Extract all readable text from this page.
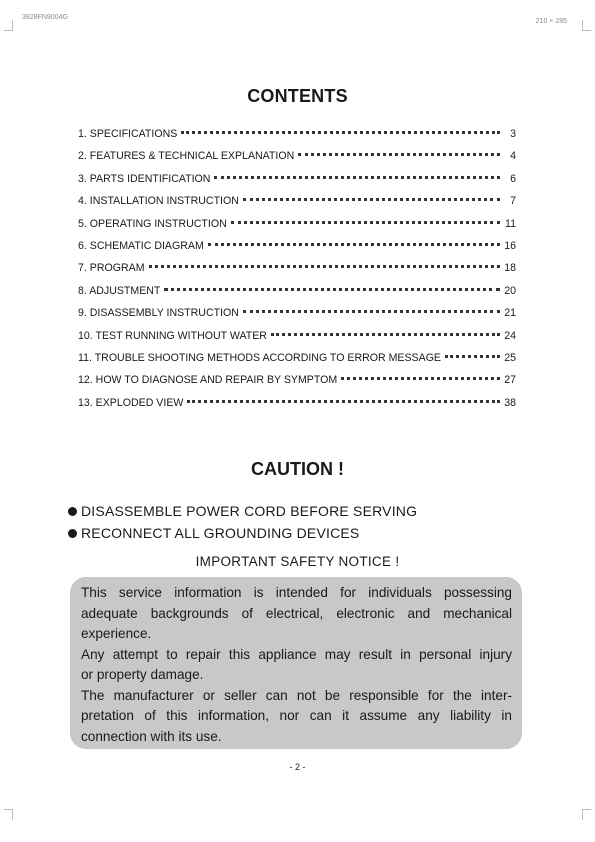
3828FN9004G
210 × 285
CONTENTS
1. SPECIFICATIONS	3
2. FEATURES & TECHNICAL EXPLANATION	4
3. PARTS IDENTIFICATION	6
4. INSTALLATION INSTRUCTION	7
5. OPERATING INSTRUCTION	11
6. SCHEMATIC DIAGRAM	16
7. PROGRAM	18
8. ADJUSTMENT	20
9. DISASSEMBLY INSTRUCTION	21
10. TEST RUNNING WITHOUT WATER	24
11. TROUBLE SHOOTING METHODS ACCORDING TO ERROR MESSAGE	25
12. HOW TO DIAGNOSE AND REPAIR BY SYMPTOM	27
13. EXPLODED VIEW	38
CAUTION !
DISASSEMBLE POWER CORD BEFORE SERVING
RECONNECT ALL GROUNDING DEVICES
IMPORTANT SAFETY NOTICE !
This service information is intended for individuals possessing
adequate backgrounds of electrical, electronic and mechanical
experience.
Any attempt to repair this appliance may result in personal injury
or property damage.
The manufacturer or seller can not be responsible for the inter-
pretation of this information, nor can it assume any liability in
connection with its use.
- 2 -
